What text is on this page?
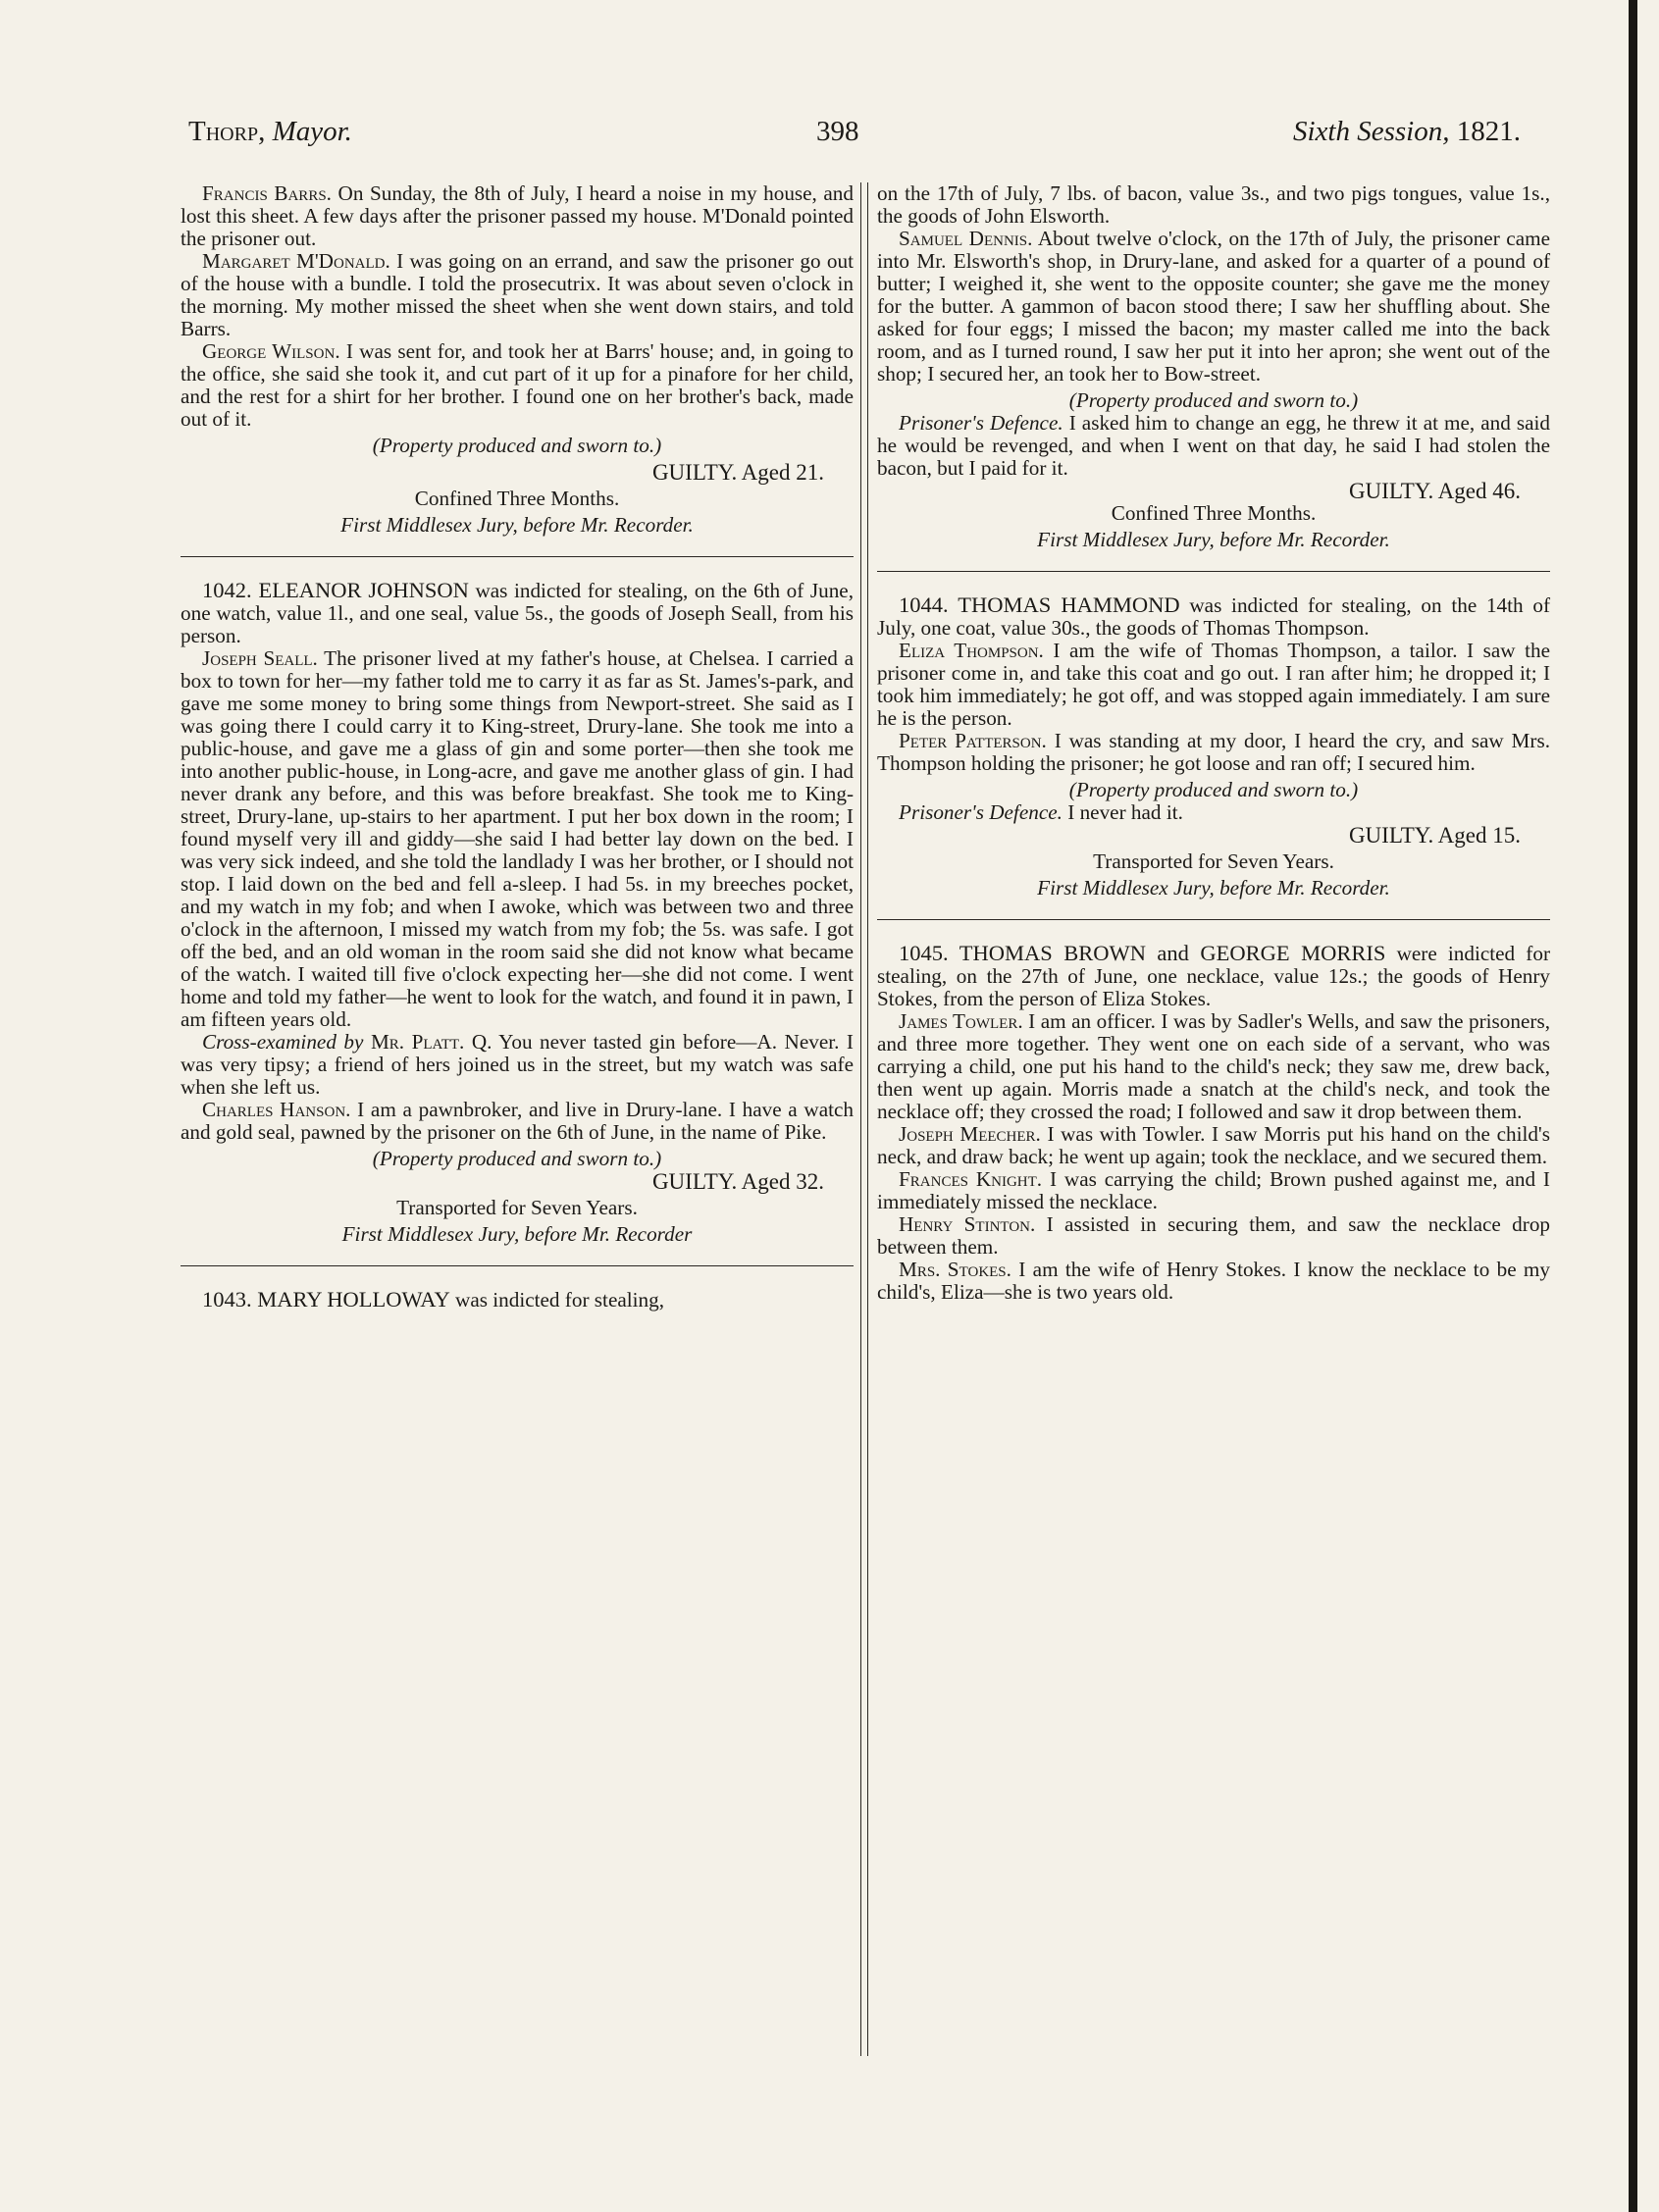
Thorp, Mayor.	398	Sixth Session, 1821.

Francis Barrs. On Sunday, the 8th of July, I heard a noise in my house, and lost this sheet. A few days after the prisoner passed my house. M'Donald pointed the prisoner out.

Margaret M'Donald. I was going on an errand, and saw the prisoner go out of the house with a bundle. I told the prosecutrix. It was about seven o'clock in the morning. My mother missed the sheet when she went down stairs, and told Barrs.

George Wilson. I was sent for, and took her at Barrs' house; and, in going to the office, she said she took it, and cut part of it up for a pinafore for her child, and the rest for a shirt for her brother. I found one on her brother's back, made out of it.

(Property produced and sworn to.)

GUILTY. Aged 21.

Confined Three Months.

First Middlesex Jury, before Mr. Recorder.

1042. ELEANOR JOHNSON was indicted for stealing, on the 6th of June, one watch, value 1l., and one seal, value 5s., the goods of Joseph Seall, from his person.

Joseph Seall. The prisoner lived at my father's house, at Chelsea. I carried a box to town for her—my father told me to carry it as far as St. James's-park, and gave me some money to bring some things from Newport-street. She said as I was going there I could carry it to King-street, Drury-lane. She took me into a public-house, and gave me a glass of gin and some porter—then she took me into another public-house, in Long-acre, and gave me another glass of gin. I had never drank any before, and this was before breakfast. She took me to King-street, Drury-lane, up-stairs to her apartment. I put her box down in the room; I found myself very ill and giddy—she said I had better lay down on the bed. I was very sick indeed, and she told the landlady I was her brother, or I should not stop. I laid down on the bed and fell a-sleep. I had 5s. in my breeches pocket, and my watch in my fob; and when I awoke, which was between two and three o'clock in the afternoon, I missed my watch from my fob; the 5s. was safe. I got off the bed, and an old woman in the room said she did not know what became of the watch. I waited till five o'clock expecting her—she did not come. I went home and told my father—he went to look for the watch, and found it in pawn, I am fifteen years old.

Cross-examined by Mr. Platt. Q. You never tasted gin before—A. Never. I was very tipsy; a friend of hers joined us in the street, but my watch was safe when she left us.

Charles Hanson. I am a pawnbroker, and live in Drury-lane. I have a watch and gold seal, pawned by the prisoner on the 6th of June, in the name of Pike.

(Property produced and sworn to.)

GUILTY. Aged 32.

Transported for Seven Years.

First Middlesex Jury, before Mr. Recorder

1043. MARY HOLLOWAY was indicted for stealing,

on the 17th of July, 7 lbs. of bacon, value 3s., and two pigs tongues, value 1s., the goods of John Elsworth.

Samuel Dennis. About twelve o'clock, on the 17th of July, the prisoner came into Mr. Elsworth's shop, in Drury-lane, and asked for a quarter of a pound of butter; I weighed it, she went to the opposite counter; she gave me the money for the butter. A gammon of bacon stood there; I saw her shuffling about. She asked for four eggs; I missed the bacon; my master called me into the back room, and as I turned round, I saw her put it into her apron; she went out of the shop; I secured her, an took her to Bow-street.

(Property produced and sworn to.)

Prisoner's Defence. I asked him to change an egg, he threw it at me, and said he would be revenged, and when I went on that day, he said I had stolen the bacon, but I paid for it.

GUILTY. Aged 46.

Confined Three Months.

First Middlesex Jury, before Mr. Recorder.

1044. THOMAS HAMMOND was indicted for stealing, on the 14th of July, one coat, value 30s., the goods of Thomas Thompson.

Eliza Thompson. I am the wife of Thomas Thompson, a tailor. I saw the prisoner come in, and take this coat and go out. I ran after him; he dropped it; I took him immediately; he got off, and was stopped again immediately. I am sure he is the person.

Peter Patterson. I was standing at my door, I heard the cry, and saw Mrs. Thompson holding the prisoner; he got loose and ran off; I secured him.

(Property produced and sworn to.)

Prisoner's Defence. I never had it.

GUILTY. Aged 15.

Transported for Seven Years.

First Middlesex Jury, before Mr. Recorder.

1045. THOMAS BROWN and GEORGE MORRIS were indicted for stealing, on the 27th of June, one necklace, value 12s.; the goods of Henry Stokes, from the person of Eliza Stokes.

James Towler. I am an officer. I was by Sadler's Wells, and saw the prisoners, and three more together. They went one on each side of a servant, who was carrying a child, one put his hand to the child's neck; they saw me, drew back, then went up again. Morris made a snatch at the child's neck, and took the necklace off; they crossed the road; I followed and saw it drop between them.

Joseph Meecher. I was with Towler. I saw Morris put his hand on the child's neck, and draw back; he went up again; took the necklace, and we secured them.

Frances Knight. I was carrying the child; Brown pushed against me, and I immediately missed the necklace.

Henry Stinton. I assisted in securing them, and saw the necklace drop between them.

Mrs. Stokes. I am the wife of Henry Stokes. I know the necklace to be my child's, Eliza—she is two years old.
